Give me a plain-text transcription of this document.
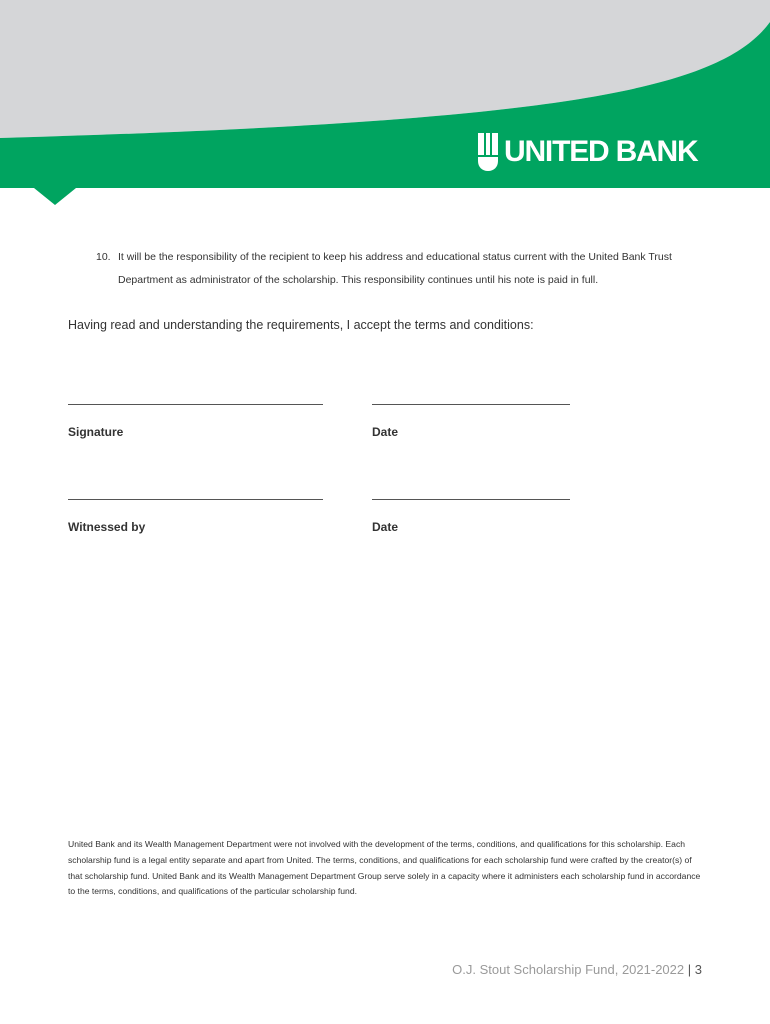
UNITED BANK
10. It will be the responsibility of the recipient to keep his address and educational status current with the United Bank Trust Department as administrator of the scholarship. This responsibility continues until his note is paid in full.
Having read and understanding the requirements, I accept the terms and conditions:
Signature	Date
Witnessed by	Date
United Bank and its Wealth Management Department were not involved with the development of the terms, conditions, and qualifications for this scholarship. Each scholarship fund is a legal entity separate and apart from United. The terms, conditions, and qualifications for each scholarship fund were crafted by the creator(s) of that scholarship fund. United Bank and its Wealth Management Department Group serve solely in a capacity where it administers each scholarship fund in accordance to the terms, conditions, and qualifications of the particular scholarship fund.
O.J. Stout Scholarship Fund, 2021-2022 | 3
